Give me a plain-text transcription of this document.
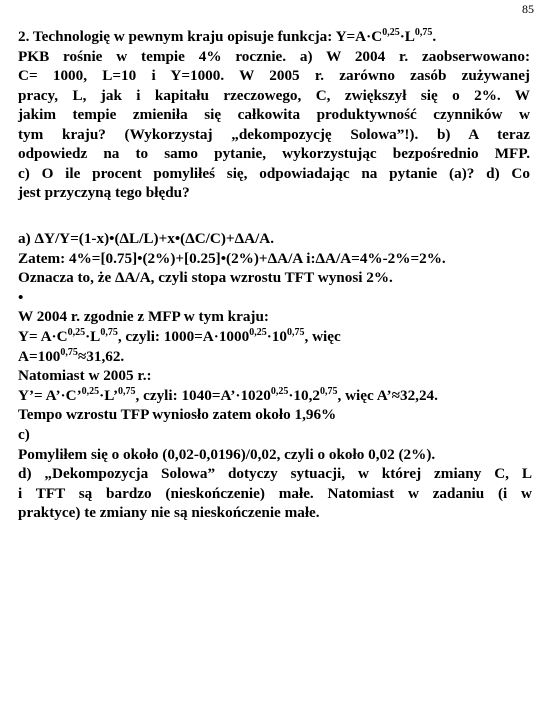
85
2. Technologię w pewnym kraju opisuje funkcja: $Y=A\cdot C^{0,25}\cdot L^{0,75}$.
PKB rośnie w tempie 4% rocznie. a) W 2004 r. zaobserwowano:
C= 1000, L=10 i Y=1000. W 2005 r. zarówno zasób zużywanej
pracy, L, jak i kapitału rzeczowego, C, zwiększył się o 2%. W
jakim tempie zmieniła się całkowita produktywność czynników w
tym kraju? (Wykorzystaj „dekompozycję Solowa”!). b) A teraz
odpowiedz na to samo pytanie, wykorzystując bezpośrednio MFP.
c) O ile procent pomyliłeś się, odpowiadając na pytanie (a)? d) Co
jest przyczyną tego błędu?
a) ΔY/Y=(1-x)•(ΔL/L)+x•(ΔC/C)+ΔA/A.
Zatem: 4%=[0.75]•(2%)+[0.25]•(2%)+ΔA/A i:ΔA/A=4%-2%=2%.
Oznacza to, że ΔA/A, czyli stopa wzrostu TFT wynosi 2%.
•
W 2004 r. zgodnie z MFP w tym kraju:
$Y= A\cdot C^{0,25}\cdot L^{0,75}$, czyli: $1000=A\cdot 1000^{0,25}\cdot 10^{0,75}$, więc
$A=100^{0,75}\approx 31,62$.
Natomiast w 2005 r.:
Y’= A’·C’$^{0,25}$·L’$^{0,75}$, czyli: $1040=A’\cdot 1020^{0,25}\cdot 10,2^{0,75}$, więc A’≈32,24.
Tempo wzrostu TFP wyniosło zatem około 1,96%
c)
Pomyliłem się o około (0,02-0,0196)/0,02, czyli o około 0,02 (2%).
d) „Dekompozycja Solowa” dotyczy sytuacji, w której zmiany C, L
i TFT są bardzo (nieskończenie) małe. Natomiast w zadaniu (i w
praktyce) te zmiany nie są nieskończenie małe.
